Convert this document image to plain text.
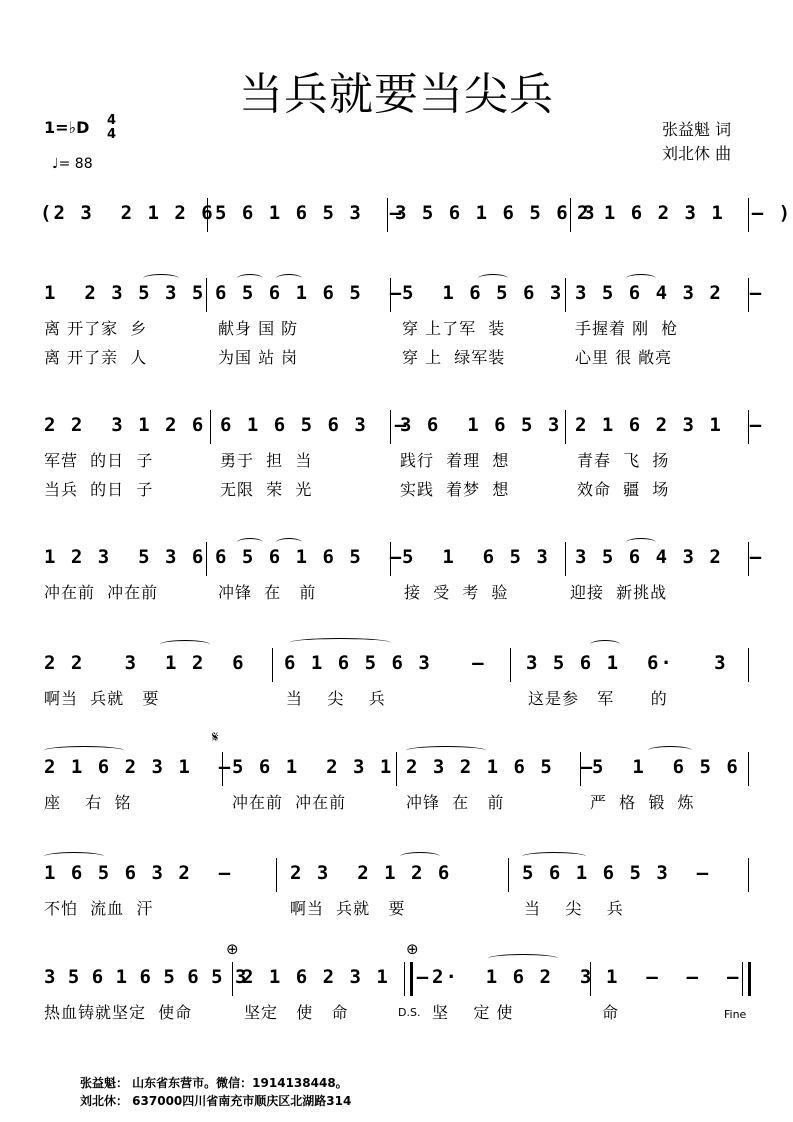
当兵就要当尖兵
1=♭D 4
4
♩= 88
张益魁 词
刘北休 曲
(2 3  2 1 2 6 5 6 1 6 5 3  –
3 5 6 1 6 5 6 3
2 1 6 2 3 1  – )
1  2 3 5 3 5 6 5 6 1 6 5  –
5  1 6 5 6 3 3 5 6 4 3 2  –
离 开了家  乡	献身 国 防	穿 上了军  装	手握着 刚  枪
离 开了亲  人	为国 站 岗	穿 上  绿军装	心里 很 敞亮
2 2  3 1 2 6 6 1 6 5 6 3  –
3 6  1 6 5 3 2 1 6 2 3 1  –
军营  的日  子	勇于  担  当	践行  着理  想	青春  飞  扬
当兵  的日  子	无限  荣  光	实践  着梦  想	效命  疆  场
1 2 3  5 3 6 6 5 6 1 6 5  –
5  1  6 5 3 3 5 6 4 3 2  –
冲在前  冲在前	冲锋  在   前	接  受  考  验	迎接  新挑战
2 2   3  1 2  6 6 1 6 5 6 3   – 3 5 6 1  6·   3
啊当  兵就   要	当    尖    兵	这是参   军      的
𝄋
2 1 6 2 3 1  – 5 6 1  2 3 1 2 3 2 1 6 5  –
5  1  6 5 6
座    右  铭	冲在前  冲在前	冲锋  在   前	严  格  锻  炼
1 6 5 6 3 2  –	2 3  2 1 2 6	5 6 1 6 5 3  –
不怕  流血  汗	啊当  兵就   要	当    尖    兵
⊕	⊕
3 5 6 1 6 5 6 5 3
2 1 6 2 3 1  – 2·  1 6 2  3 1  –  –  –
热血铸就坚定  使命	坚定   使   命	D.S. 坚    定 使	命	Fine
张益魁： 山东省东营市。微信：1914138448。
刘北休： 637000四川省南充市顺庆区北湖路314
